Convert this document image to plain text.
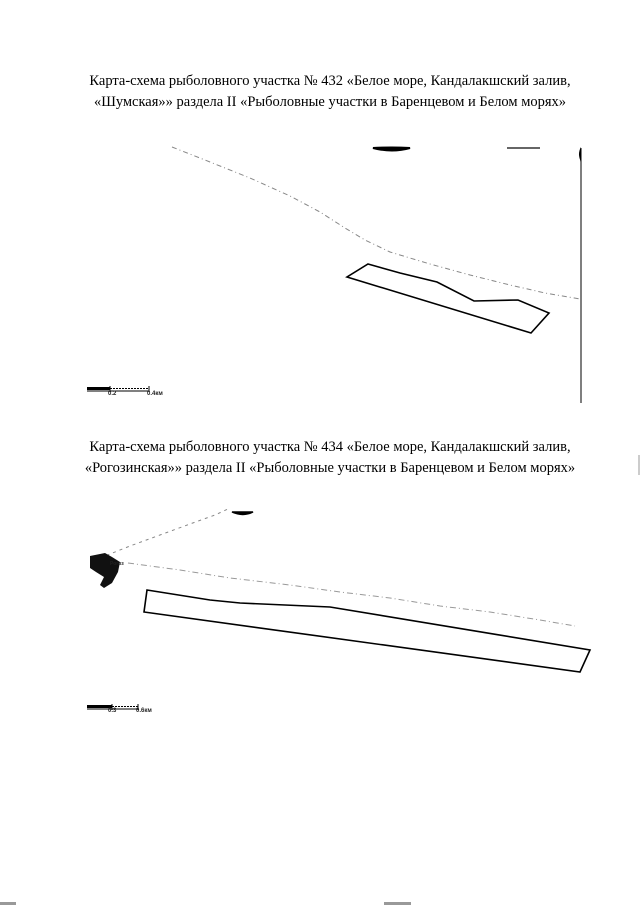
Карта-схема рыболовного участка № 432 «Белое море, Кандалакшский залив,
«Шумская»» раздела II «Рыболовные участки в Баренцевом и Белом морях»
0.2	0.4км
Карта-схема рыболовного участка № 434 «Белое море, Кандалакшский залив,
«Рогозинская»» раздела II «Рыболовные участки в Баренцевом и Белом морях»
0.3	0.6км
Рогоз
